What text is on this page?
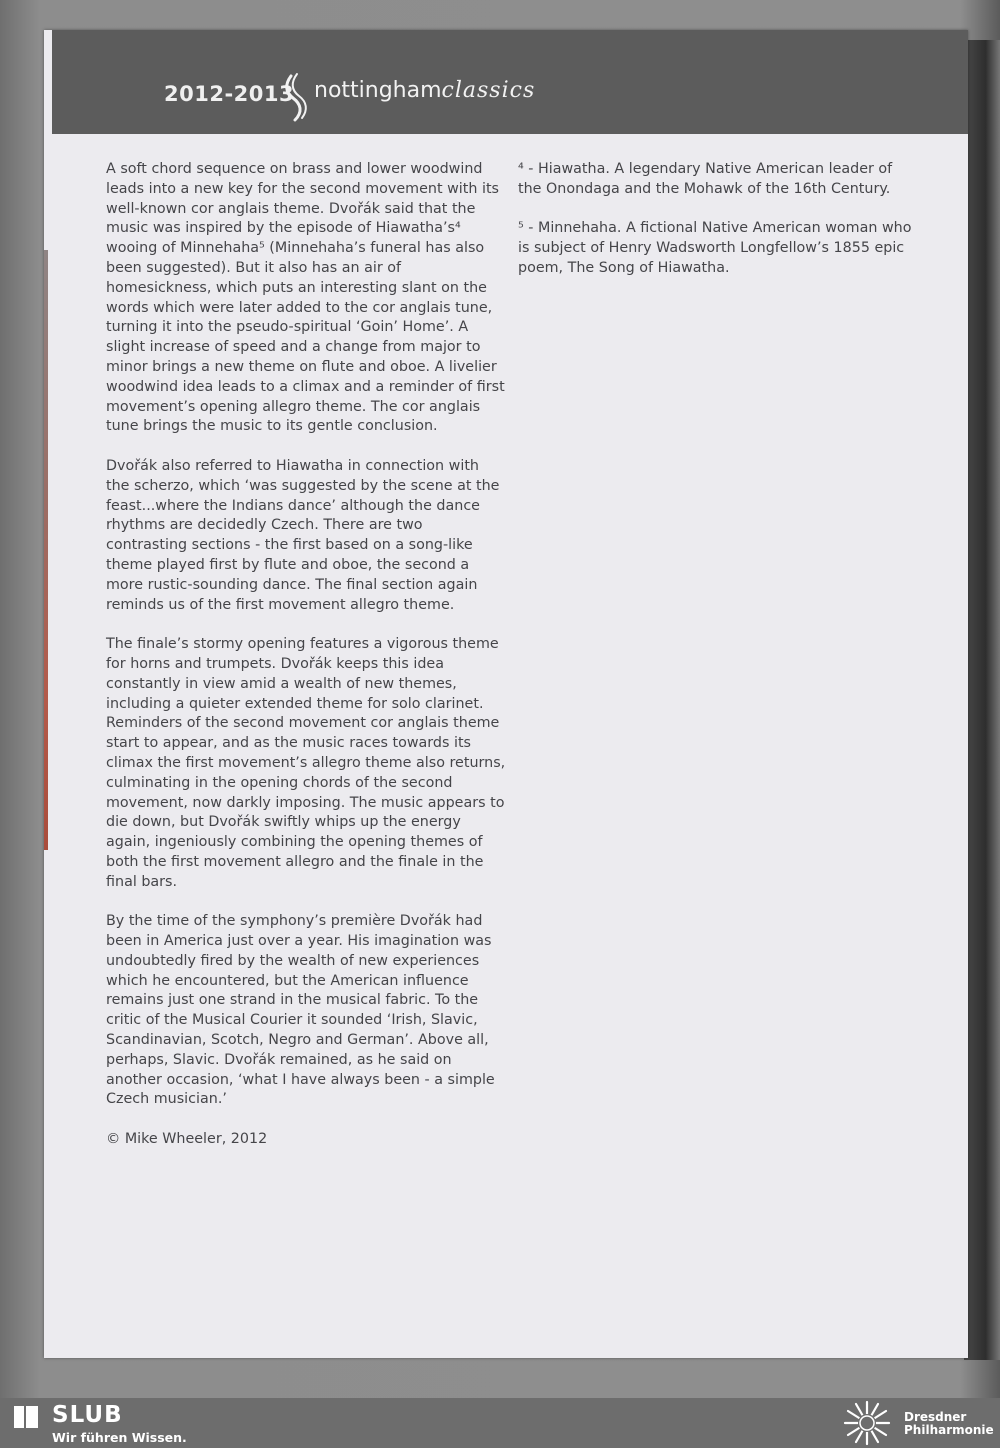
2012-2013 nottinghamclassics

A soft chord sequence on brass and lower woodwind leads into a new key for the second movement with its well-known cor anglais theme. Dvořák said that the music was inspired by the episode of Hiawatha’s⁴ wooing of Minnehaha⁵ (Minnehaha’s funeral has also been suggested). But it also has an air of homesickness, which puts an interesting slant on the words which were later added to the cor anglais tune, turning it into the pseudo-spiritual ‘Goin’ Home’. A slight increase of speed and a change from major to minor brings a new theme on flute and oboe. A livelier woodwind idea leads to a climax and a reminder of first movement’s opening allegro theme. The cor anglais tune brings the music to its gentle conclusion.

Dvořák also referred to Hiawatha in connection with the scherzo, which ‘was suggested by the scene at the feast...where the Indians dance’ although the dance rhythms are decidedly Czech. There are two contrasting sections - the first based on a song-like theme played first by flute and oboe, the second a more rustic-sounding dance. The final section again reminds us of the first movement allegro theme.

The finale’s stormy opening features a vigorous theme for horns and trumpets. Dvořák keeps this idea constantly in view amid a wealth of new themes, including a quieter extended theme for solo clarinet. Reminders of the second movement cor anglais theme start to appear, and as the music races towards its climax the first movement’s allegro theme also returns, culminating in the opening chords of the second movement, now darkly imposing. The music appears to die down, but Dvořák swiftly whips up the energy again, ingeniously combining the opening themes of both the first movement allegro and the finale in the final bars.

By the time of the symphony’s première Dvořák had been in America just over a year. His imagination was undoubtedly fired by the wealth of new experiences which he encountered, but the American influence remains just one strand in the musical fabric. To the critic of the Musical Courier it sounded ‘Irish, Slavic, Scandinavian, Scotch, Negro and German’. Above all, perhaps, Slavic. Dvořák remained, as he said on another occasion, ‘what I have always been - a simple Czech musician.’

© Mike Wheeler, 2012

⁴ - Hiawatha. A legendary Native American leader of the Onondaga and the Mohawk of the 16th Century.

⁵ - Minnehaha. A fictional Native American woman who is subject of Henry Wadsworth Longfellow’s 1855 epic poem, The Song of Hiawatha.

SLUB
Wir führen Wissen.
Dresdner
Philharmonie
